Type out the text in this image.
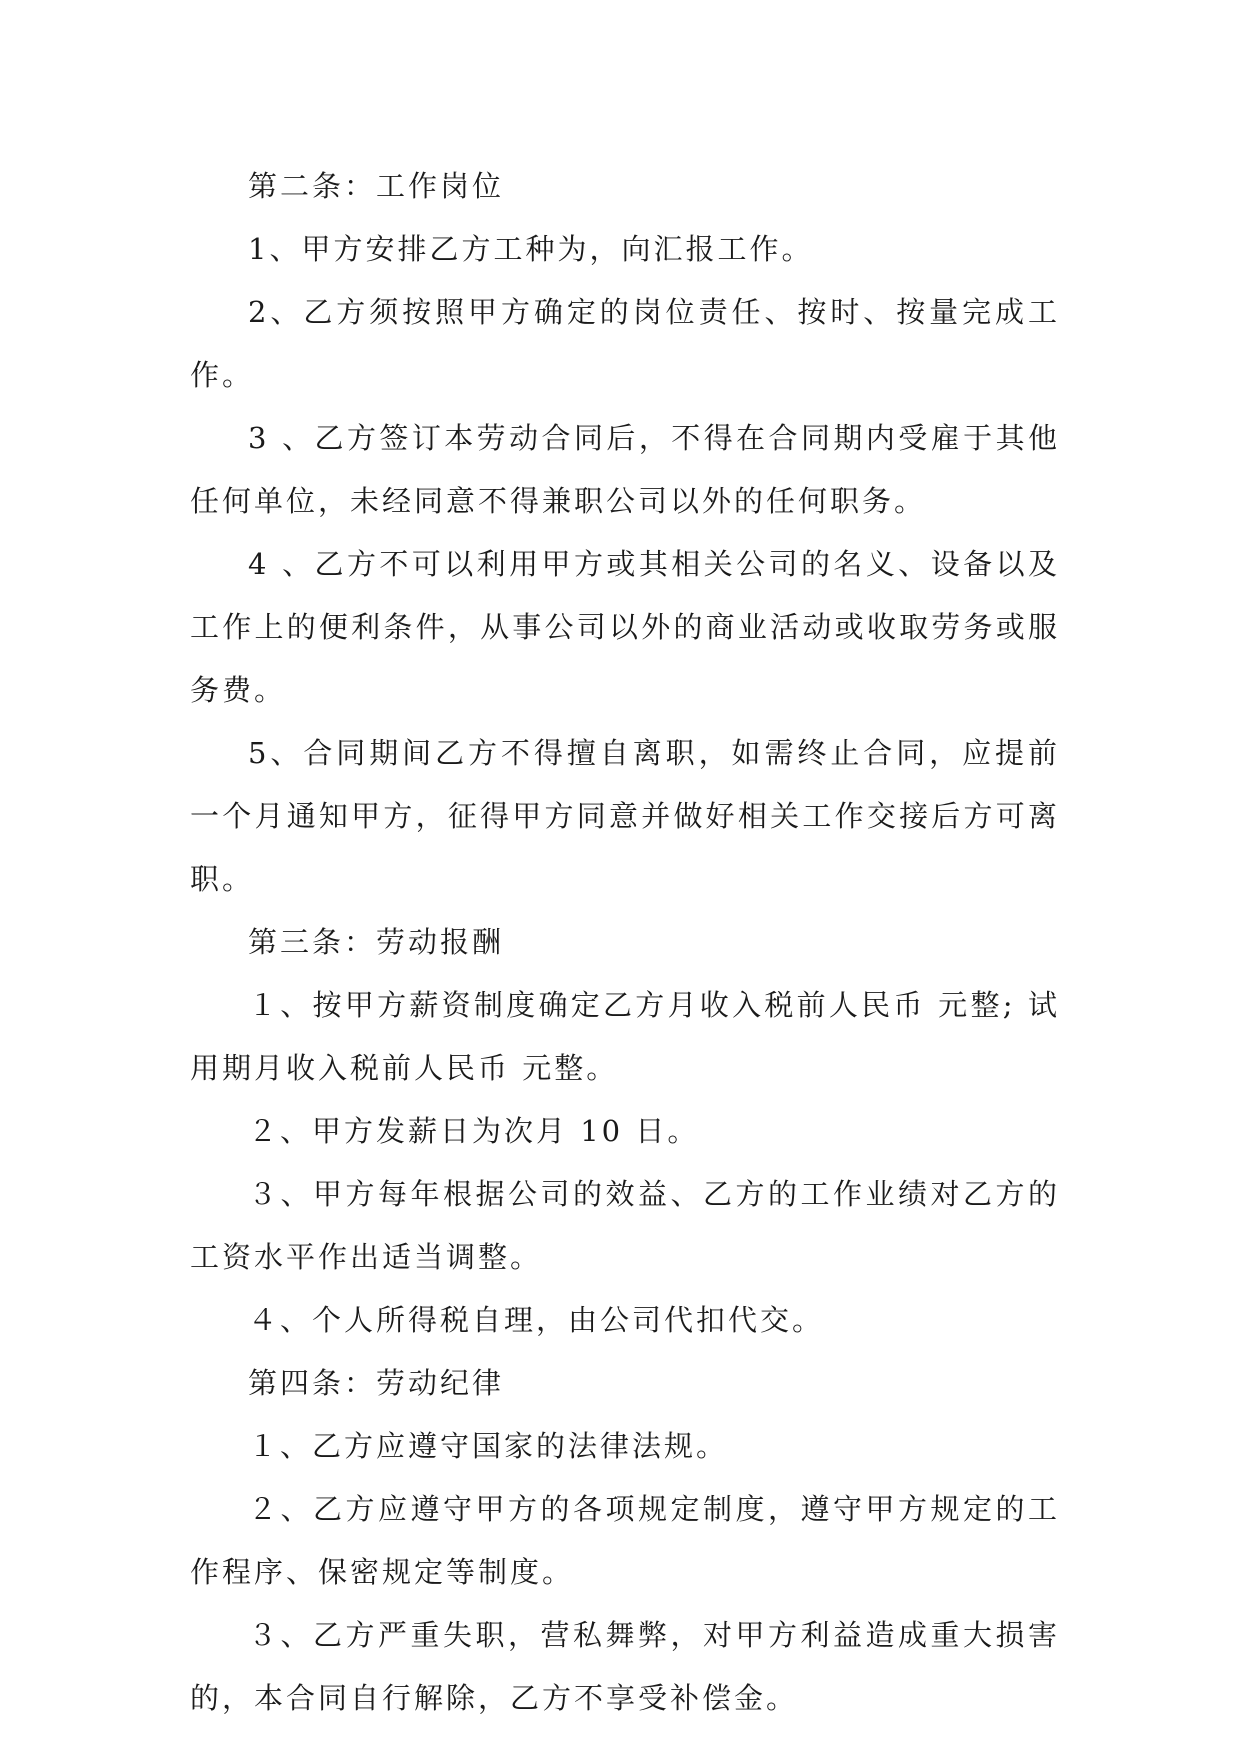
第二条：工作岗位

1、甲方安排乙方工种为，向汇报工作。

2、乙方须按照甲方确定的岗位责任、按时、按量完成工作。

3 、乙方签订本劳动合同后，不得在合同期内受雇于其他任何单位，未经同意不得兼职公司以外的任何职务。

4 、乙方不可以利用甲方或其相关公司的名义、设备以及工作上的便利条件，从事公司以外的商业活动或收取劳务或服务费。

5、合同期间乙方不得擅自离职，如需终止合同，应提前一个月通知甲方，征得甲方同意并做好相关工作交接后方可离职。

第三条：劳动报酬

１、按甲方薪资制度确定乙方月收入税前人民币 元整; 试用期月收入税前人民币 元整。

２、甲方发薪日为次月 10 日。

３、甲方每年根据公司的效益、乙方的工作业绩对乙方的工资水平作出适当调整。

４、个人所得税自理，由公司代扣代交。

第四条：劳动纪律

１、乙方应遵守国家的法律法规。

２、乙方应遵守甲方的各项规定制度，遵守甲方规定的工作程序、保密规定等制度。

３、乙方严重失职，营私舞弊，对甲方利益造成重大损害的，本合同自行解除，乙方不享受补偿金。
